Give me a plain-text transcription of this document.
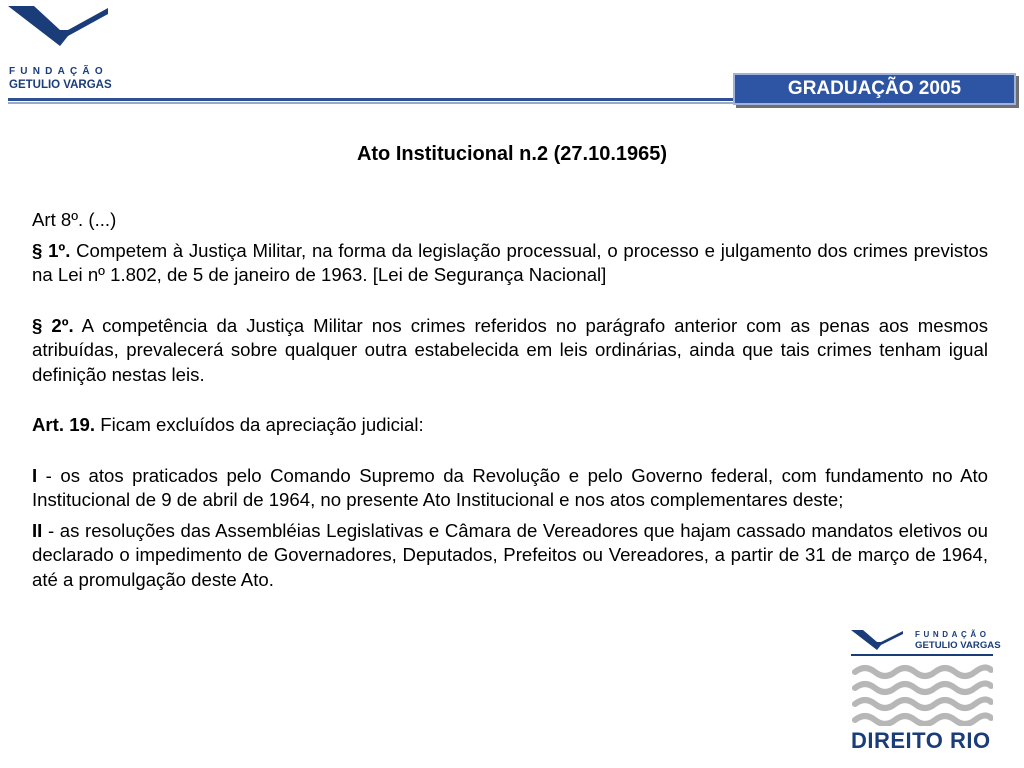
FUNDAÇÃO
GETULIO VARGAS	GRADUAÇÃO 2005
Ato Institucional n.2 (27.10.1965)

Art 8º. (...)

§ 1º. Competem à Justiça Militar, na forma da legislação processual, o processo e julgamento dos crimes previstos na Lei nº 1.802, de 5 de janeiro de 1963. [Lei de Segurança Nacional]

§ 2º. A competência da Justiça Militar nos crimes referidos no parágrafo anterior com as penas aos mesmos atribuídas, prevalecerá sobre qualquer outra estabelecida em leis ordinárias, ainda que tais crimes tenham igual definição nestas leis.

Art. 19. Ficam excluídos da apreciação judicial:

I - os atos praticados pelo Comando Supremo da Revolução e pelo Governo federal, com fundamento no Ato Institucional de 9 de abril de 1964, no presente Ato Institucional e nos atos complementares deste;

II - as resoluções das Assembléias Legislativas e Câmara de Vereadores que hajam cassado mandatos eletivos ou declarado o impedimento de Governadores, Deputados, Prefeitos ou Vereadores, a partir de 31 de março de 1964, até a promulgação deste Ato.

FUNDAÇÃO
GETULIO VARGAS
DIREITO RIO
